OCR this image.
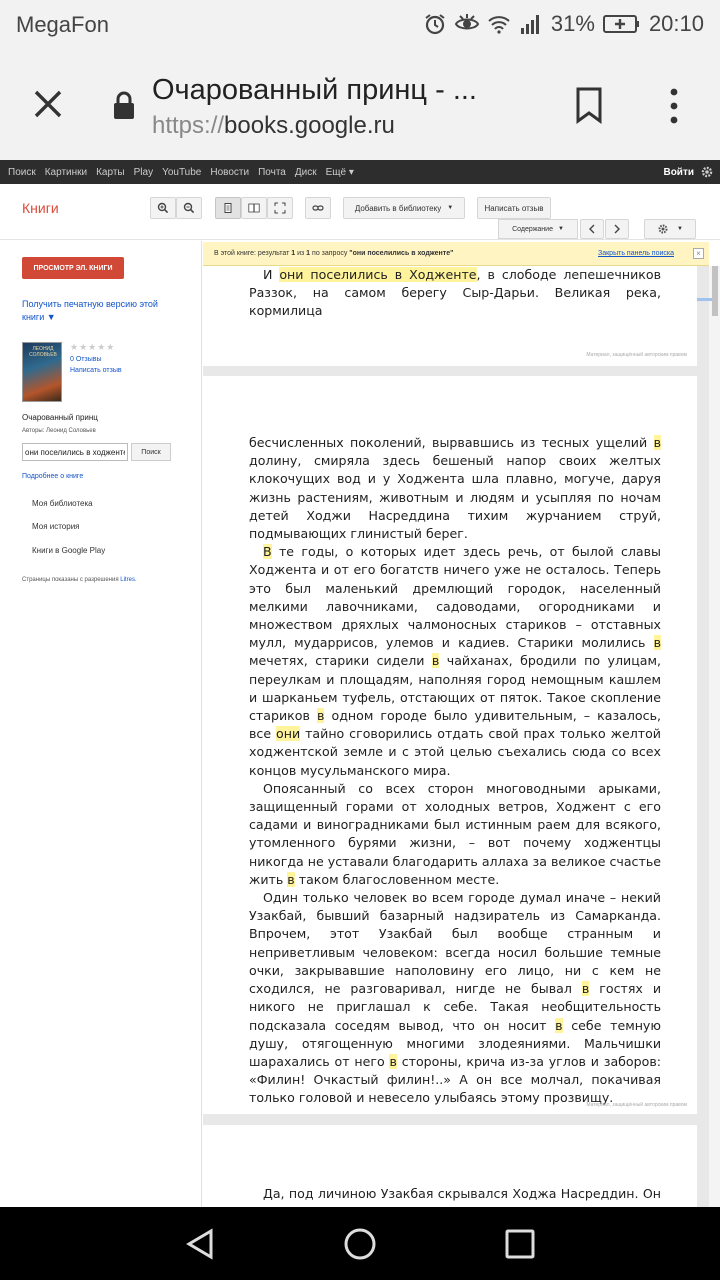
MegaFon	31% 20:10
Очарованный принц - ...
https://books.google.ru
Поиск Картинки Карты Play YouTube Новости Почта Диск Ещё ▾	Войти
Книги	Добавить в библиотеку ▼	Написать отзыв
Содержание ▼	▼
ПРОСМОТР ЭЛ. КНИГИ
Получить печатную версию этой книги ▼
ЛЕОНИД СОЛОВЬЕВ
★★★★★
0 Отзывы
Написать отзыв
Очарованный принц
Авторы: Леонид Соловьев
они поселились в ходженте
Поиск
Подробнее о книге
Моя библиотека
Моя история
Книги в Google Play
Страницы показаны с разрешения Litres.
В этой книге: результат 1 из 1 по запросу "они поселились в ходженте"	Закрыть панель поиска	×

И они поселились в Ходженте, в слободе лепешечников Раззок, на самом берегу Сыр-Дарьи. Великая река, кормилица

Материал, защищённый авторским правом

бесчисленных поколений, вырвавшись из тесных ущелий в долину, смиряла здесь бешеный напор своих желтых клокочущих вод и у Ходжента шла плавно, могуче, даруя жизнь растениям, животным и людям и усыпляя по ночам детей Ходжи Насреддина тихим журчанием струй, подмывающих глинистый берег.

В те годы, о которых идет здесь речь, от былой славы Ходжента и от его богатств ничего уже не осталось. Теперь это был маленький дремлющий городок, населенный мелкими лавочниками, садоводами, огородниками и множеством дряхлых чалмоносных стариков – отставных мулл, мударрисов, улемов и кадиев. Старики молились в мечетях, старики сидели в чайханах, бродили по улицам, переулкам и площадям, наполняя город немощным кашлем и шарканьем туфель, отстающих от пяток. Такое скопление стариков в одном городе было удивительным, – казалось, все они тайно сговорились отдать свой прах только желтой ходжентской земле и с этой целью съехались сюда со всех концов мусульманского мира.

Опоясанный со всех сторон многоводными арыками, защищенный горами от холодных ветров, Ходжент с его садами и виноградниками был истинным раем для всякого, утомленного бурями жизни, – вот почему ходжентцы никогда не уставали благодарить аллаха за великое счастье жить в таком благословенном месте.

Один только человек во всем городе думал иначе – некий Узакбай, бывший базарный надзиратель из Самарканда. Впрочем, этот Узакбай был вообще странным и неприветливым человеком: всегда носил большие темные очки, закрывавшие наполовину его лицо, ни с кем не сходился, не разговаривал, нигде не бывал в гостях и никого не приглашал к себе. Такая необщительность подсказала соседям вывод, что он носит в себе темную душу, отягощенную многими злодеяниями. Мальчишки шарахались от него в стороны, крича из-за углов и заборов: «Филин! Очкастый филин!..» А он все молчал, покачивая только головой и невесело улыбаясь этому прозвищу.

Материал, защищённый авторским правом

Да, под личиною Узакбая скрывался Ходжа Насреддин. Он
